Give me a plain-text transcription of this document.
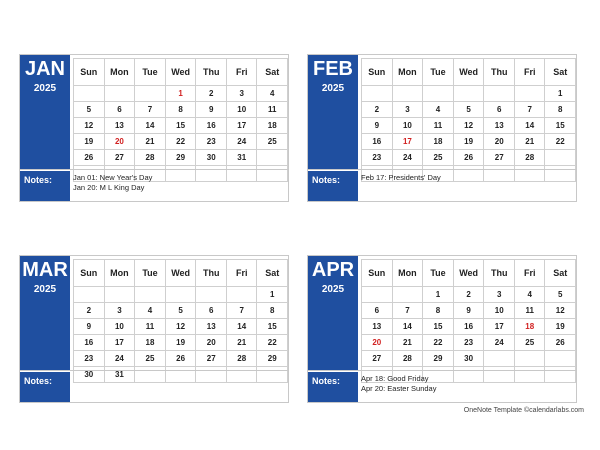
JAN
2025
Sun	Mon	Tue	Wed	Thu	Fri	Sat
			1	2	3	4
5	6	7	8	9	10	11
12	13	14	15	16	17	18
19	20	21	22	23	24	25
26	27	28	29	30	31	

Notes:	Jan 01: New Year's Day
Jan 20: M L King Day
FEB
2025
Sun	Mon	Tue	Wed	Thu	Fri	Sat
						1
2	3	4	5	6	7	8
9	10	11	12	13	14	15
16	17	18	19	20	21	22
23	24	25	26	27	28	

Notes:	Feb 17: Presidents' Day
MAR
2025
Sun	Mon	Tue	Wed	Thu	Fri	Sat
						1
2	3	4	5	6	7	8
9	10	11	12	13	14	15
16	17	18	19	20	21	22
23	24	25	26	27	28	29
30	31					
Notes:
APR
2025
Sun	Mon	Tue	Wed	Thu	Fri	Sat
		1	2	3	4	5
6	7	8	9	10	11	12
13	14	15	16	17	18	19
20	21	22	23	24	25	26
27	28	29	30			

Notes:	Apr 18: Good Friday
Apr 20: Easter Sunday
OneNote Template ©calendarlabs.com
